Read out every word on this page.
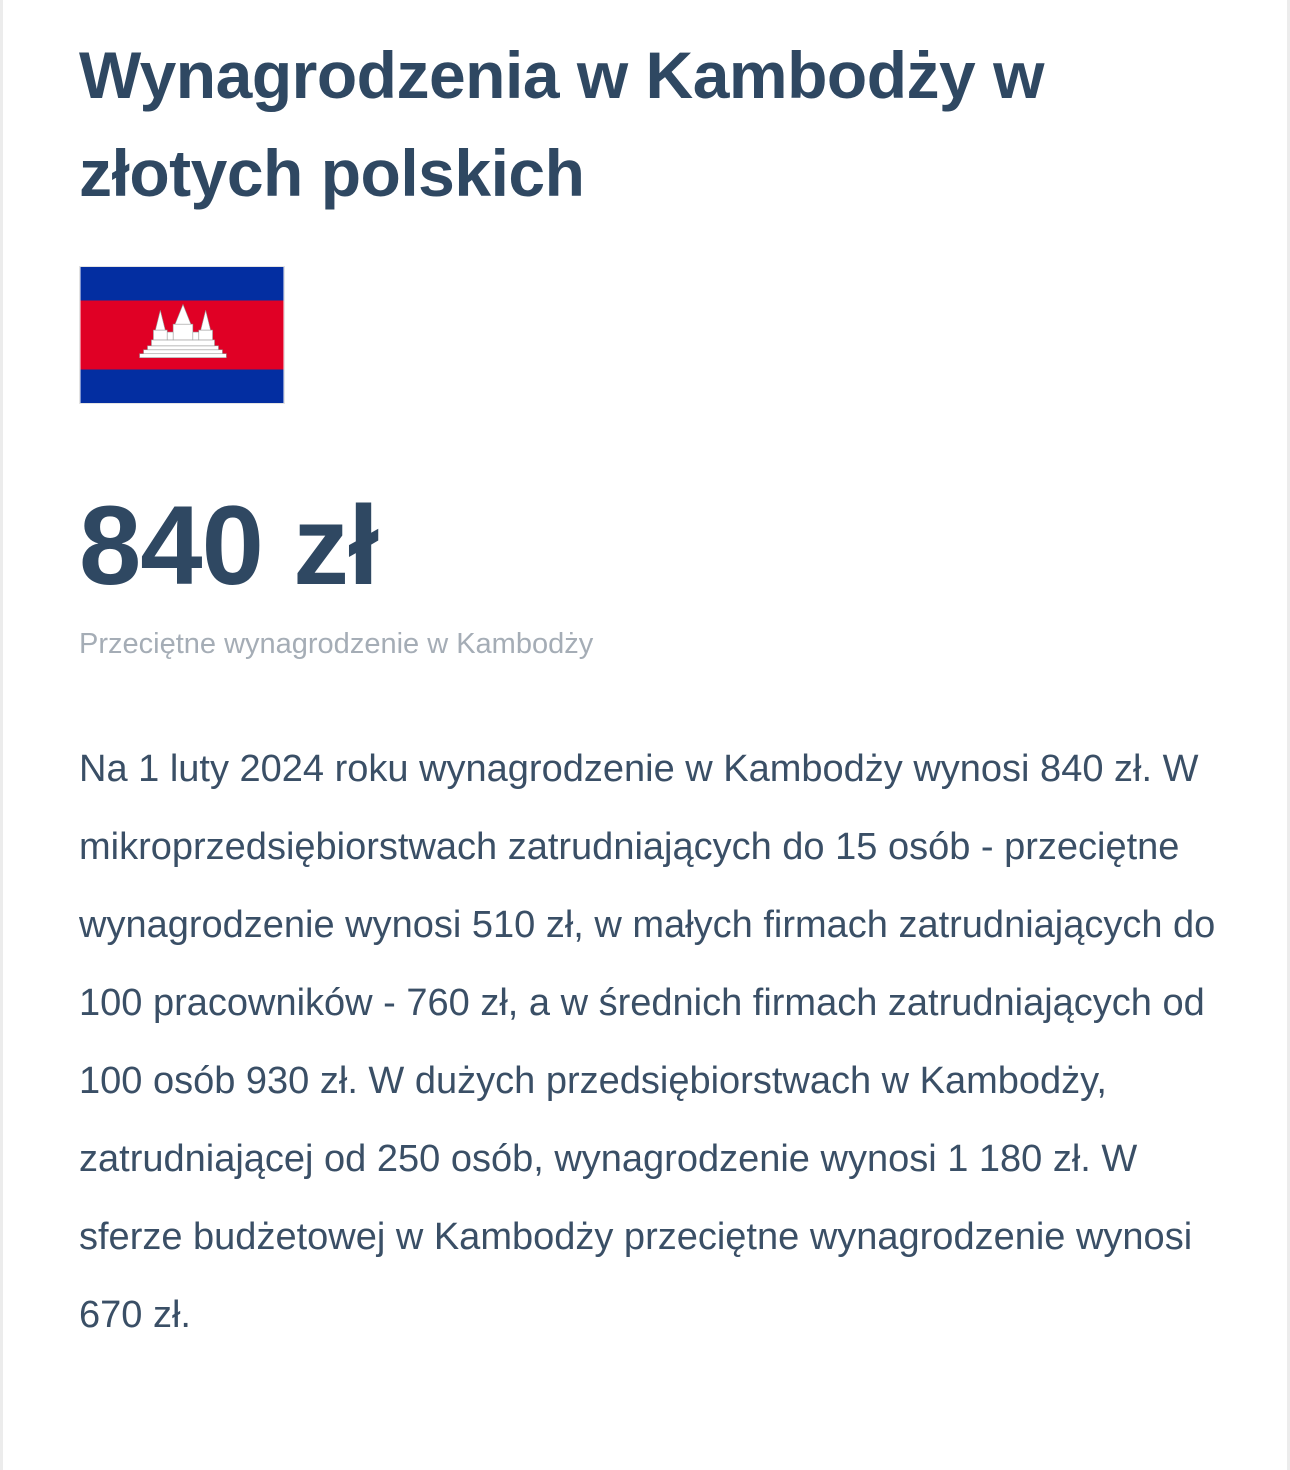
Wynagrodzenia w Kambodży w złotych polskich
840 zł
Przeciętne wynagrodzenie w Kambodży

Na 1 luty 2024 roku wynagrodzenie w Kambodży wynosi 840 zł. W mikroprzedsiębiorstwach zatrudniających do 15 osób - przeciętne wynagrodzenie wynosi 510 zł, w małych firmach zatrudniających do 100 pracowników - 760 zł, a w średnich firmach zatrudniających od 100 osób 930 zł. W dużych przedsiębiorstwach w Kambodży, zatrudniającej od 250 osób, wynagrodzenie wynosi 1 180 zł. W sferze budżetowej w Kambodży przeciętne wynagrodzenie wynosi 670 zł.
